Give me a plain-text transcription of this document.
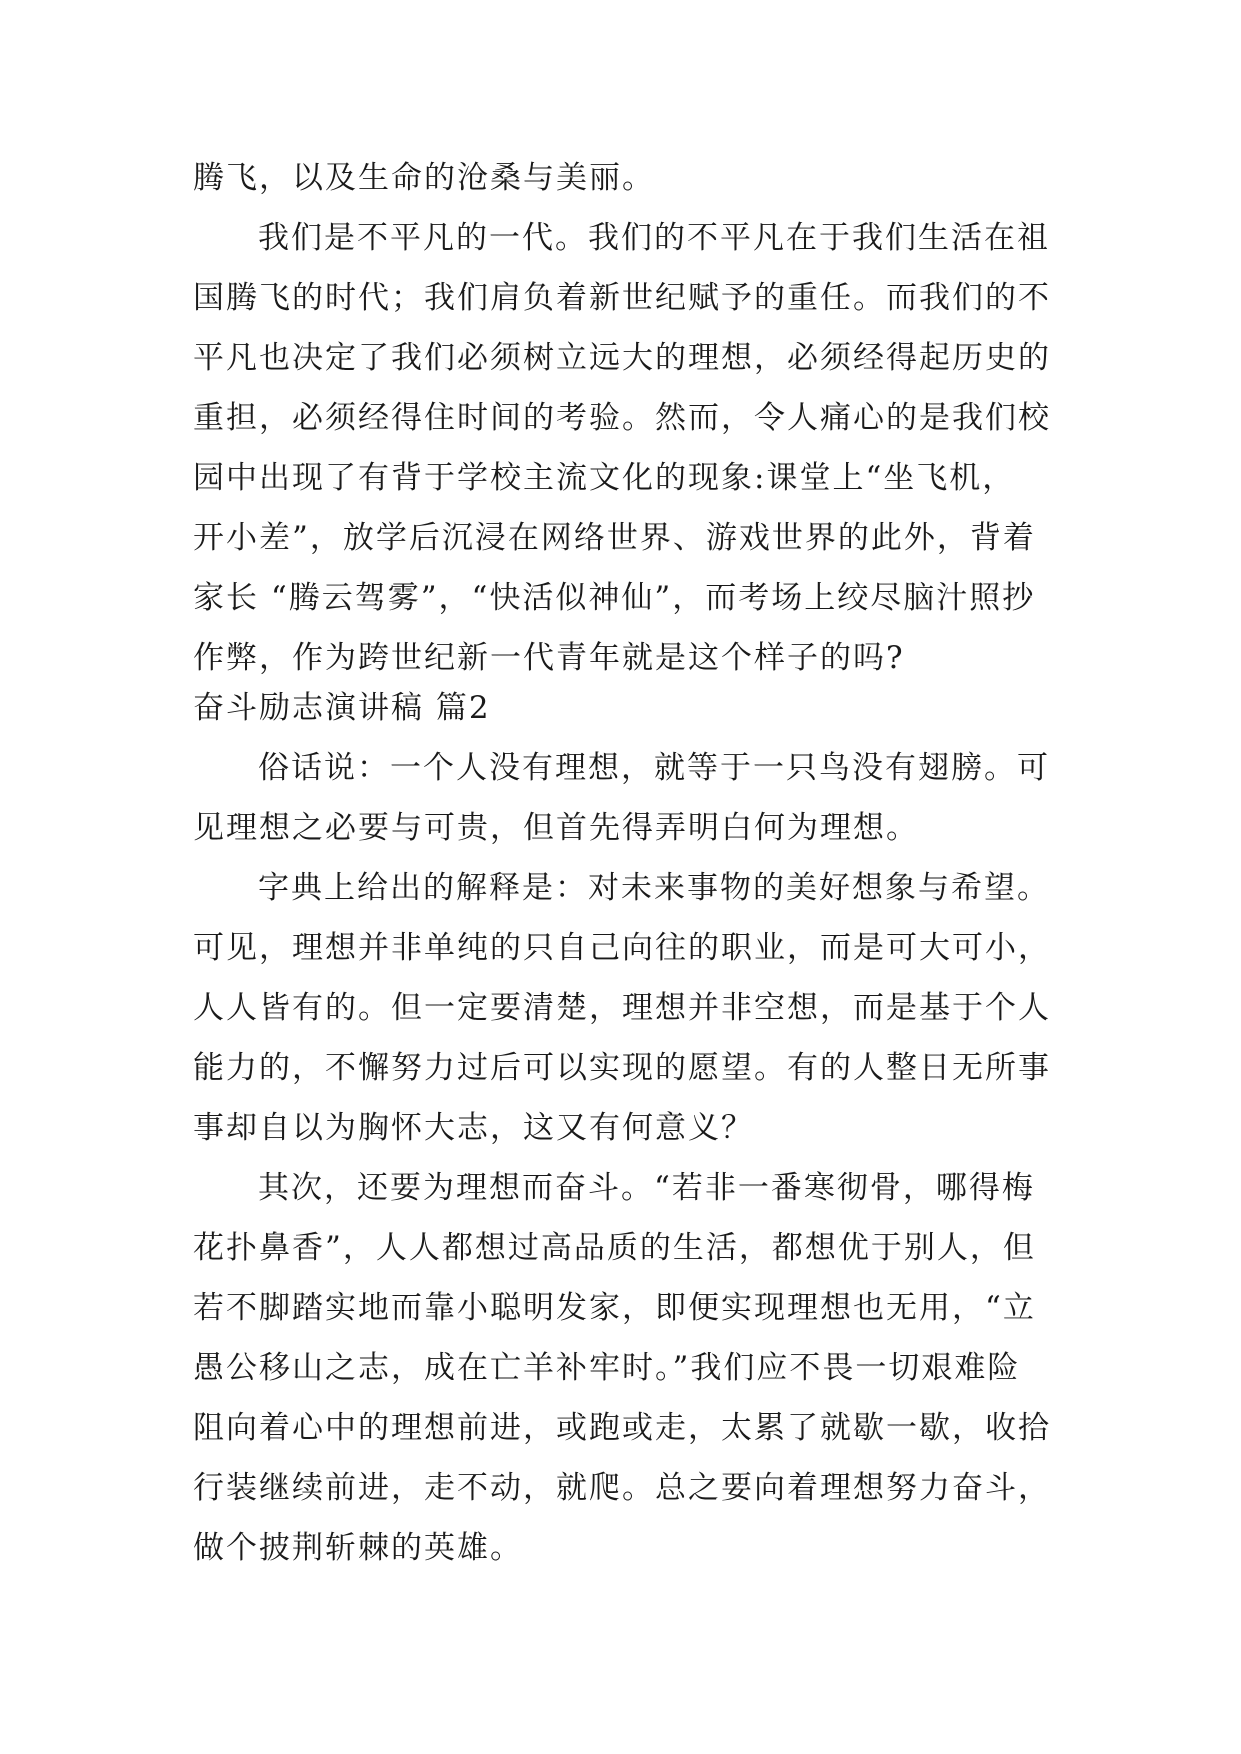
腾飞，以及生命的沧桑与美丽。
我们是不平凡的一代。我们的不平凡在于我们生活在祖
国腾飞的时代；我们肩负着新世纪赋予的重任。而我们的不
平凡也决定了我们必须树立远大的理想，必须经得起历史的
重担，必须经得住时间的考验。然而，令人痛心的是我们校
园中出现了有背于学校主流文化的现象:课堂上“坐飞机，
开小差”，放学后沉浸在网络世界、游戏世界的此外，背着
家长 “腾云驾雾”，“快活似神仙”，而考场上绞尽脑汁照抄
作弊，作为跨世纪新一代青年就是这个样子的吗?
奋斗励志演讲稿 篇2
俗话说：一个人没有理想，就等于一只鸟没有翅膀。可
见理想之必要与可贵，但首先得弄明白何为理想。
字典上给出的解释是：对未来事物的美好想象与希望。
可见，理想并非单纯的只自己向往的职业，而是可大可小，
人人皆有的。但一定要清楚，理想并非空想，而是基于个人
能力的，不懈努力过后可以实现的愿望。有的人整日无所事
事却自以为胸怀大志，这又有何意义？
其次，还要为理想而奋斗。“若非一番寒彻骨，哪得梅
花扑鼻香”，人人都想过高品质的生活，都想优于别人，但
若不脚踏实地而靠小聪明发家，即便实现理想也无用，“立
愚公移山之志，成在亡羊补牢时。”我们应不畏一切艰难险
阻向着心中的理想前进，或跑或走，太累了就歇一歇，收拾
行装继续前进，走不动，就爬。总之要向着理想努力奋斗，
做个披荆斩棘的英雄。
